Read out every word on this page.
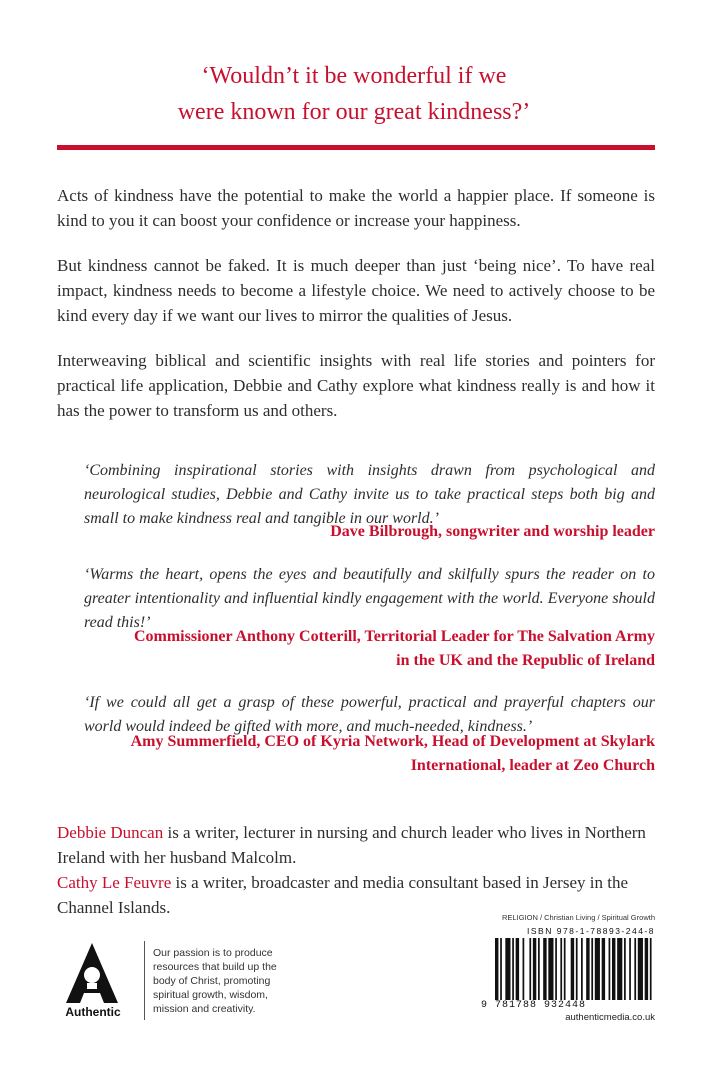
‘Wouldn’t it be wonderful if we
were known for our great kindness?’

Acts of kindness have the potential to make the world a happier place. If someone is kind to you it can boost your confidence or increase your happiness.

But kindness cannot be faked. It is much deeper than just ‘being nice’. To have real impact, kindness needs to become a lifestyle choice. We need to actively choose to be kind every day if we want our lives to mirror the qualities of Jesus.

Interweaving biblical and scientific insights with real life stories and pointers for practical life application, Debbie and Cathy explore what kindness really is and how it has the power to transform us and others.

‘Combining inspirational stories with insights drawn from psychological and neurological studies, Debbie and Cathy invite us to take practical steps both big and small to make kindness real and tangible in our world.’
Dave Bilbrough, songwriter and worship leader
‘Warms the heart, opens the eyes and beautifully and skilfully spurs the reader on to greater intentionality and influential kindly engagement with the world. Everyone should read this!’
Commissioner Anthony Cotterill, Territorial Leader for The Salvation Army
in the UK and the Republic of Ireland
‘If we could all get a grasp of these powerful, practical and prayerful chapters our world would indeed be gifted with more, and much-needed, kindness.’
Amy Summerfield, CEO of Kyria Network, Head of Development at Skylark
International, leader at Zeo Church

Debbie Duncan is a writer, lecturer in nursing and church leader who lives in Northern Ireland with her husband Malcolm.

Cathy Le Feuvre is a writer, broadcaster and media consultant based in Jersey in the Channel Islands.

Authentic
Our passion is to produce resources that build up the body of Christ, promoting spiritual growth, wisdom, mission and creativity.
RELIGION / Christian Living / Spiritual Growth
ISBN 978-1-78893-244-8
9 781788 932448
authenticmedia.co.uk
